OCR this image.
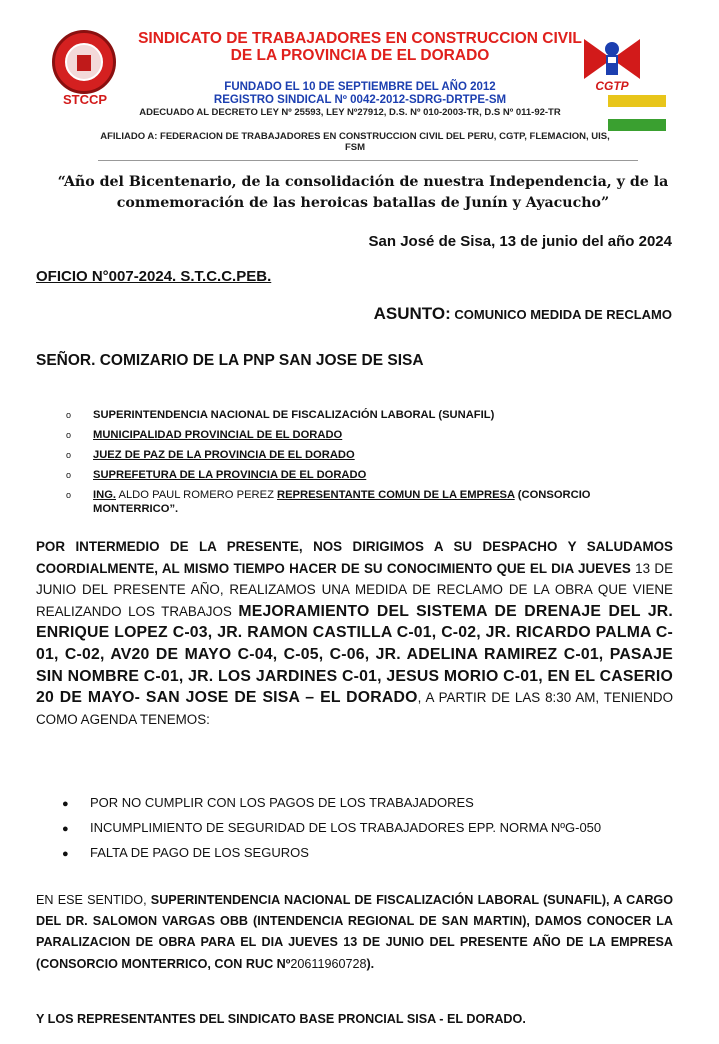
STCCP
CGTP
SINDICATO DE TRABAJADORES EN CONSTRUCCION CIVIL DE LA PROVINCIA DE EL DORADO
FUNDADO EL 10 DE SEPTIEMBRE DEL AÑO 2012
REGISTRO SINDICAL Nº 0042-2012-SDRG-DRTPE-SM
ADECUADO AL DECRETO LEY Nº 25593, LEY Nº27912, D.S. Nº 010-2003-TR, D.S Nº 011-92-TR
AFILIADO A: FEDERACION DE TRABAJADORES EN CONSTRUCCION CIVIL DEL PERU, CGTP, FLEMACION, UIS, FSM
“Año del Bicentenario, de la consolidación de nuestra Independencia, y de la conmemoración de las heroicas batallas de Junín y Ayacucho”
San José de Sisa, 13 de junio del año 2024
OFICIO N°007-2024. S.T.C.C.PEB.
ASUNTO: COMUNICO MEDIDA DE RECLAMO
SEÑOR. COMIZARIO DE LA PNP SAN JOSE DE SISA
o SUPERINTENDENCIA NACIONAL DE FISCALIZACIÓN LABORAL (SUNAFIL)
o MUNICIPALIDAD PROVINCIAL DE EL DORADO
o JUEZ DE PAZ DE LA PROVINCIA DE EL DORADO
o SUPREFETURA DE LA PROVINCIA DE EL DORADO
o ING. ALDO PAUL ROMERO PEREZ REPRESENTANTE COMUN DE LA EMPRESA (CONSORCIO
MONTERRICO”.
POR INTERMEDIO DE LA PRESENTE, NOS DIRIGIMOS A SU DESPACHO Y SALUDAMOS COORDIALMENTE, AL MISMO TIEMPO HACER DE SU CONOCIMIENTO QUE EL DIA JUEVES 13 DE JUNIO DEL PRESENTE AÑO, REALIZAMOS UNA MEDIDA DE RECLAMO DE LA OBRA QUE VIENE REALIZANDO LOS TRABAJOS MEJORAMIENTO DEL SISTEMA DE DRENAJE DEL JR. ENRIQUE LOPEZ C-03, JR. RAMON CASTILLA C-01, C-02, JR. RICARDO PALMA C-01, C-02, AV20 DE MAYO C-04, C-05, C-06, JR. ADELINA RAMIREZ C-01, PASAJE SIN NOMBRE C-01, JR. LOS JARDINES C-01, JESUS MORIO C-01, EN EL CASERIO 20 DE MAYO- SAN JOSE DE SISA – EL DORADO, A PARTIR DE LAS 8:30 AM, TENIENDO COMO AGENDA TENEMOS:
● POR NO CUMPLIR CON LOS PAGOS DE LOS TRABAJADORES
● INCUMPLIMIENTO DE SEGURIDAD DE LOS TRABAJADORES EPP. NORMA NºG-050
● FALTA DE PAGO DE LOS SEGUROS
EN ESE SENTIDO, SUPERINTENDENCIA NACIONAL DE FISCALIZACIÓN LABORAL (SUNAFIL), A CARGO DEL DR. SALOMON VARGAS OBB (INTENDENCIA REGIONAL DE SAN MARTIN), DAMOS CONOCER LA PARALIZACION DE OBRA PARA EL DIA JUEVES 13 DE JUNIO DEL PRESENTE AÑO DE LA EMPRESA (CONSORCIO MONTERRICO, CON RUC Nº20611960728).
Y LOS REPRESENTANTES DEL SINDICATO BASE PRONCIAL SISA - EL DORADO.
